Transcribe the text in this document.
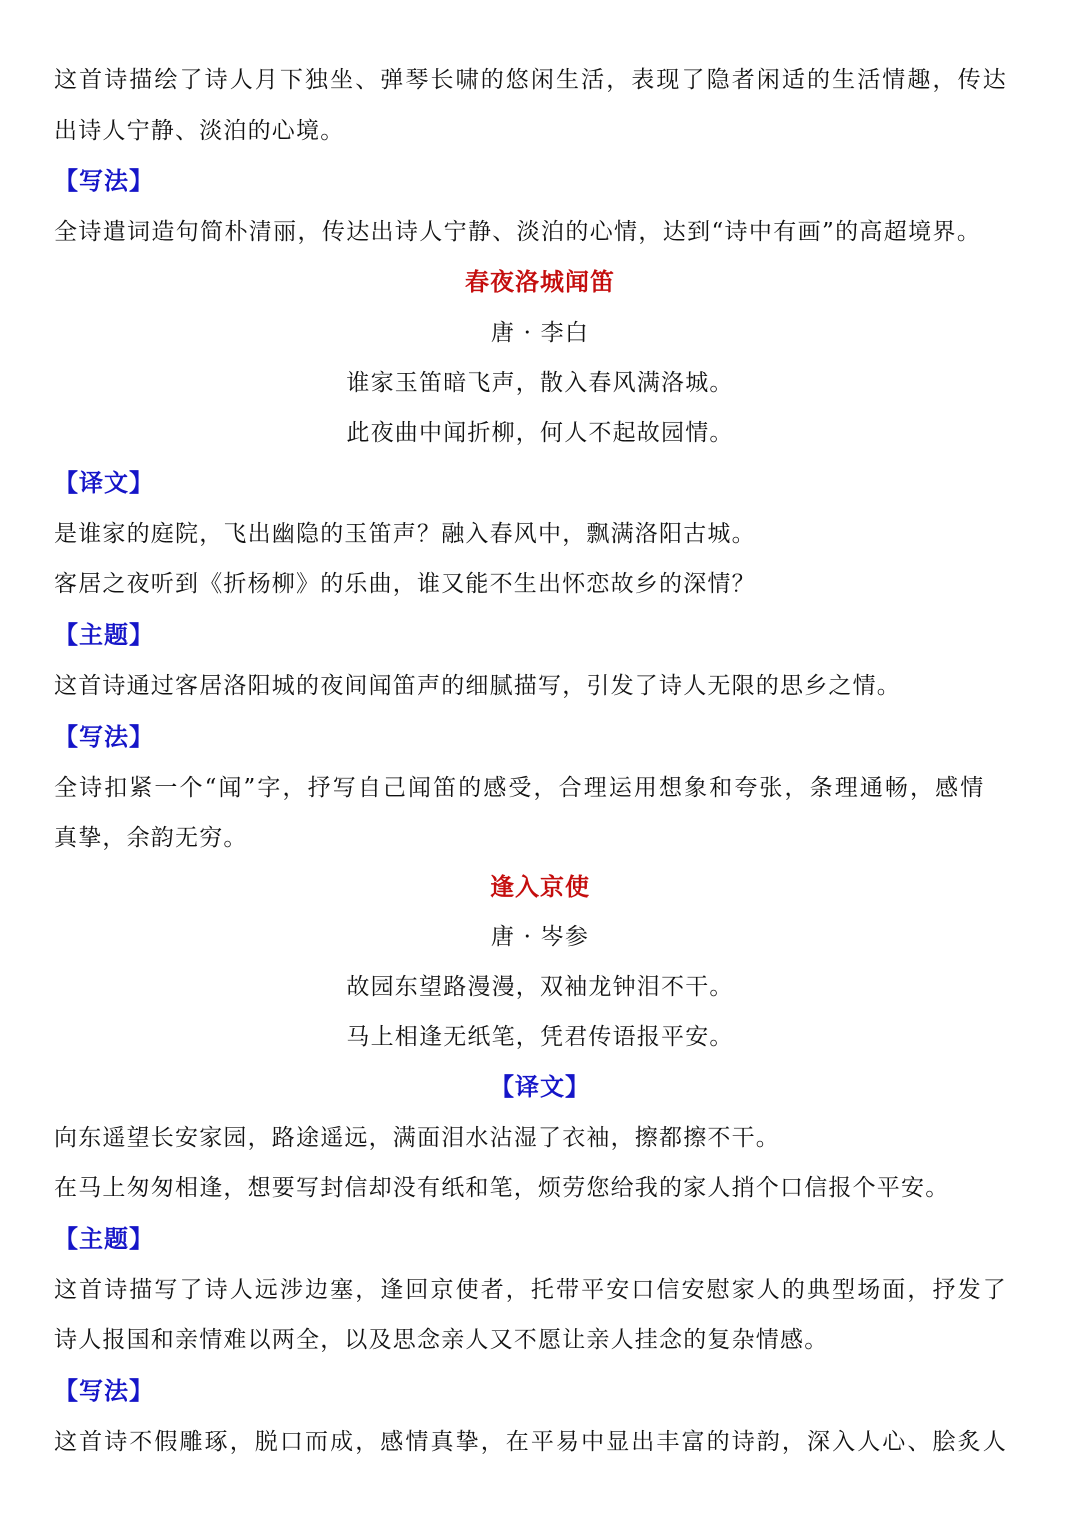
这首诗描绘了诗人月下独坐、弹琴长啸的悠闲生活，表现了隐者闲适的生活情趣，传达
出诗人宁静、淡泊的心境。
【写法】
全诗遣词造句简朴清丽，传达出诗人宁静、淡泊的心情，达到“诗中有画”的高超境界。
春夜洛城闻笛
唐 · 李白
谁家玉笛暗飞声，散入春风满洛城。
此夜曲中闻折柳，何人不起故园情。
【译文】
是谁家的庭院，飞出幽隐的玉笛声？融入春风中，飘满洛阳古城。
客居之夜听到《折杨柳》的乐曲，谁又能不生出怀恋故乡的深情？
【主题】
这首诗通过客居洛阳城的夜间闻笛声的细腻描写，引发了诗人无限的思乡之情。
【写法】
全诗扣紧一个“闻”字，抒写自己闻笛的感受，合理运用想象和夸张，条理通畅，感情
真挚，余韵无穷。
逢入京使
唐 · 岑参
故园东望路漫漫，双袖龙钟泪不干。
马上相逢无纸笔，凭君传语报平安。
【译文】
向东遥望长安家园，路途遥远，满面泪水沾湿了衣袖，擦都擦不干。
在马上匆匆相逢，想要写封信却没有纸和笔，烦劳您给我的家人捎个口信报个平安。
【主题】
这首诗描写了诗人远涉边塞，逢回京使者，托带平安口信安慰家人的典型场面，抒发了
诗人报国和亲情难以两全，以及思念亲人又不愿让亲人挂念的复杂情感。
【写法】
这首诗不假雕琢，脱口而成，感情真挚，在平易中显出丰富的诗韵，深入人心、脍炙人
